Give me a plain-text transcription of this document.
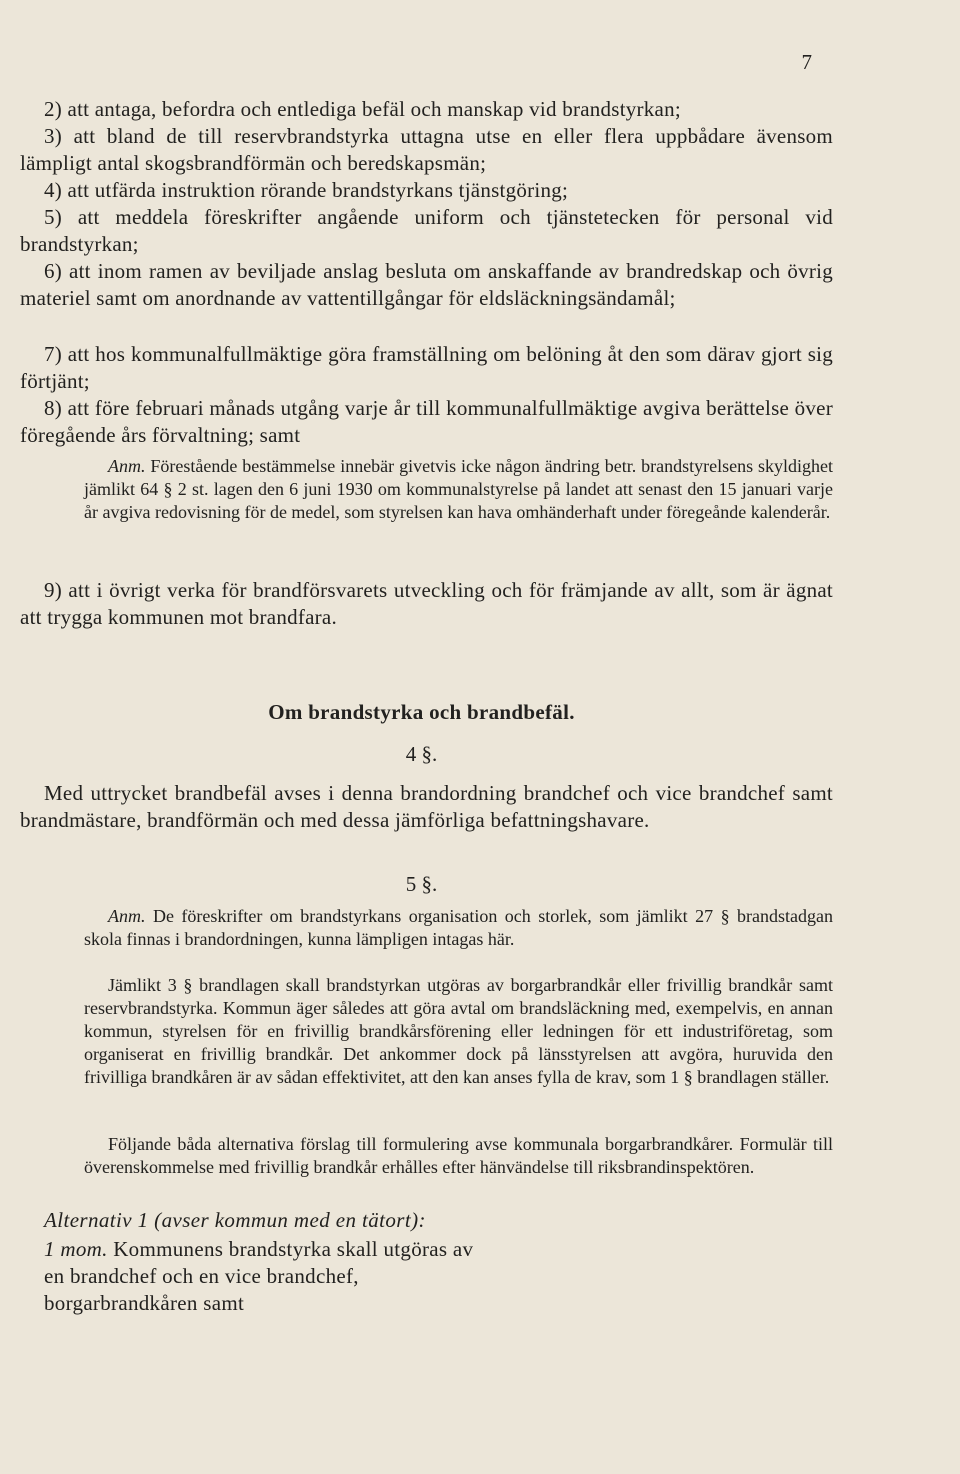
7

2) att antaga, befordra och entlediga befäl och manskap vid brandstyrkan;

3) att bland de till reservbrandstyrka uttagna utse en eller flera uppbådare ävensom lämpligt antal skogsbrandförmän och beredskapsmän;

4) att utfärda instruktion rörande brandstyrkans tjänstgöring;

5) att meddela föreskrifter angående uniform och tjänstetecken för personal vid brandstyrkan;

6) att inom ramen av beviljade anslag besluta om anskaffande av brandredskap och övrig materiel samt om anordnande av vattentillgångar för eldsläckningsändamål;

7) att hos kommunalfullmäktige göra framställning om belöning åt den som därav gjort sig förtjänt;

8) att före februari månads utgång varje år till kommunalfullmäktige avgiva berättelse över föregående års förvaltning; samt

Anm. Förestående bestämmelse innebär givetvis icke någon ändring betr. brandstyrelsens skyldighet jämlikt 64 § 2 st. lagen den 6 juni 1930 om kommunalstyrelse på landet att senast den 15 januari varje år avgiva redovisning för de medel, som styrelsen kan hava omhänderhaft under föregeånde kalenderår.

9) att i övrigt verka för brandförsvarets utveckling och för främjande av allt, som är ägnat att trygga kommunen mot brandfara.

Om brandstyrka och brandbefäl.
4 §.

Med uttrycket brandbefäl avses i denna brandordning brandchef och vice brandchef samt brandmästare, brandförmän och med dessa jämförliga befattningshavare.

5 §.

Anm. De föreskrifter om brandstyrkans organisation och storlek, som jämlikt 27 § brandstadgan skola finnas i brandordningen, kunna lämpligen intagas här.

Jämlikt 3 § brandlagen skall brandstyrkan utgöras av borgarbrandkår eller frivillig brandkår samt reservbrandstyrka. Kommun äger således att göra avtal om brandsläckning med, exempelvis, en annan kommun, styrelsen för en frivillig brandkårsförening eller ledningen för ett industriföretag, som organiserat en frivillig brandkår. Det ankommer dock på länsstyrelsen att avgöra, huruvida den frivilliga brandkåren är av sådan effektivitet, att den kan anses fylla de krav, som 1 § brandlagen ställer.

Följande båda alternativa förslag till formulering avse kommunala borgarbrandkårer. Formulär till överenskommelse med frivillig brandkår erhålles efter hänvändelse till riksbrandinspektören.

Alternativ 1 (avser kommun med en tätort):
1 mom. Kommunens brandstyrka skall utgöras av
en brandchef och en vice brandchef,
borgarbrandkåren samt
